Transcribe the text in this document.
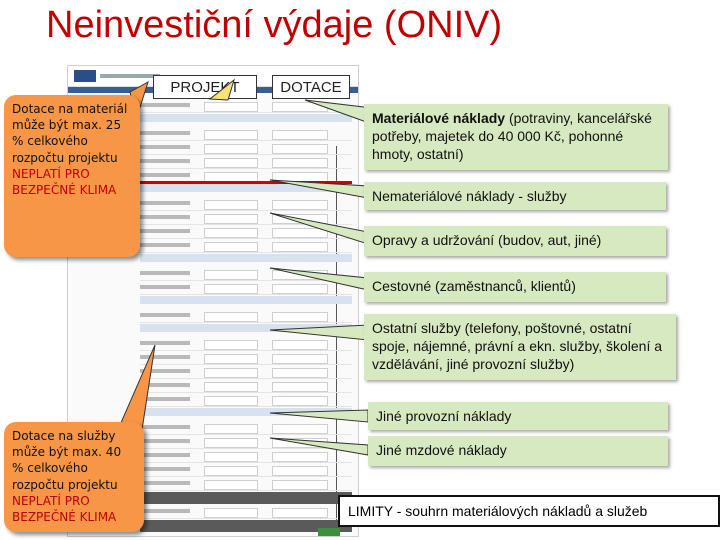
Neinvestiční výdaje (ONIV)
PROJEKT	DOTACE
Dotace na materiál může být max. 25 % celkového rozpočtu projektu
NEPLATÍ PRO BEZPEČNÉ KLIMA
Dotace na služby může být max. 40 % celkového rozpočtu projektu
NEPLATÍ PRO BEZPEČNÉ KLIMA
Materiálové náklady (potraviny, kancelářské potřeby, majetek do 40 000 Kč, pohonné hmoty, ostatní)
Nemateriálové náklady - služby
Opravy a udržování (budov, aut, jiné)
Cestovné (zaměstnanců, klientů)
Ostatní služby (telefony, poštovné, ostatní spoje, nájemné, právní a ekn. služby, školení a vzdělávání, jiné provozní služby)
Jiné provozní náklady
Jiné mzdové náklady
LIMITY - souhrn materiálových nákladů a služeb
